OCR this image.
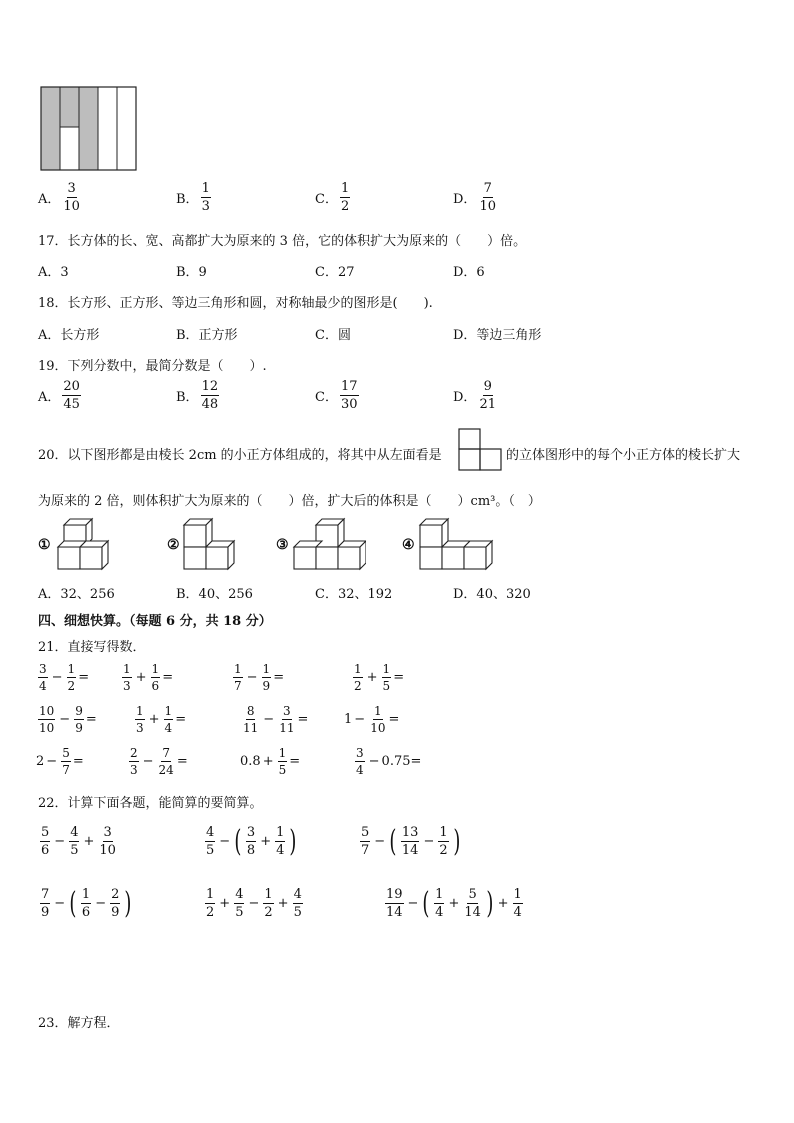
A． $\frac{3}{10}$	B． $\frac{1}{3}$	C． $\frac{1}{2}$	D． $\frac{7}{10}$
17．长方体的长、宽、高都扩大为原来的 3 倍，它的体积扩大为原来的（　　）倍。
A．3	B．9	C．27	D．6
18．长方形、正方形、等边三角形和圆，对称轴最少的图形是(　　).
A．长方形	B．正方形	C．圆	D．等边三角形
19．下列分数中，最简分数是（　　）.
A． $\frac{20}{45}$	B． $\frac{12}{48}$	C． $\frac{17}{30}$	D． $\frac{9}{21}$
20．以下图形都是由棱长 2cm 的小正方体组成的，将其中从左面看是	的立体图形中的每个小正方体的棱长扩大
为原来的 2 倍，则体积扩大为原来的（　　）倍，扩大后的体积是（　　）cm³。（　）
①	②	③	④
A．32、256	B．40、256	C．32、192	D．40、320
四、细想快算。（每题 6 分，共 18 分）
21．直接写得数．
$\frac{3}{4} - \frac{1}{2}$ =	$\frac{1}{3} + \frac{1}{6}$ =	$\frac{1}{7} - \frac{1}{9}$ =	$\frac{1}{2} + \frac{1}{5}$ =
$\frac{10}{10} - \frac{9}{9}$ =	$\frac{1}{3} + \frac{1}{4}$ =	$\frac{8}{11} - \frac{3}{11}$ =	$1 - \frac{1}{10}$ =
$2 - \frac{5}{7}$ =	$\frac{2}{3} - \frac{7}{24}$ =	$0.8 + \frac{1}{5}$ =	$\frac{3}{4} - 0.75$ =
22．计算下面各题，能简算的要简算。
$\frac{5}{6} - \frac{4}{5} + \frac{3}{10}$	$\frac{4}{5}$ − ( $\frac{3}{8} + \frac{1}{4}$ )	$\frac{5}{7}$ − ( $\frac{13}{14} - \frac{1}{2}$ )
$\frac{7}{9}$ − ( $\frac{1}{6} - \frac{2}{9}$ )	$\frac{1}{2} + \frac{4}{5} - \frac{1}{2} + \frac{4}{5}$	$\frac{19}{14}$ − ( $\frac{1}{4} + \frac{5}{14}$ ) + $\frac{1}{4}$
23．解方程．
